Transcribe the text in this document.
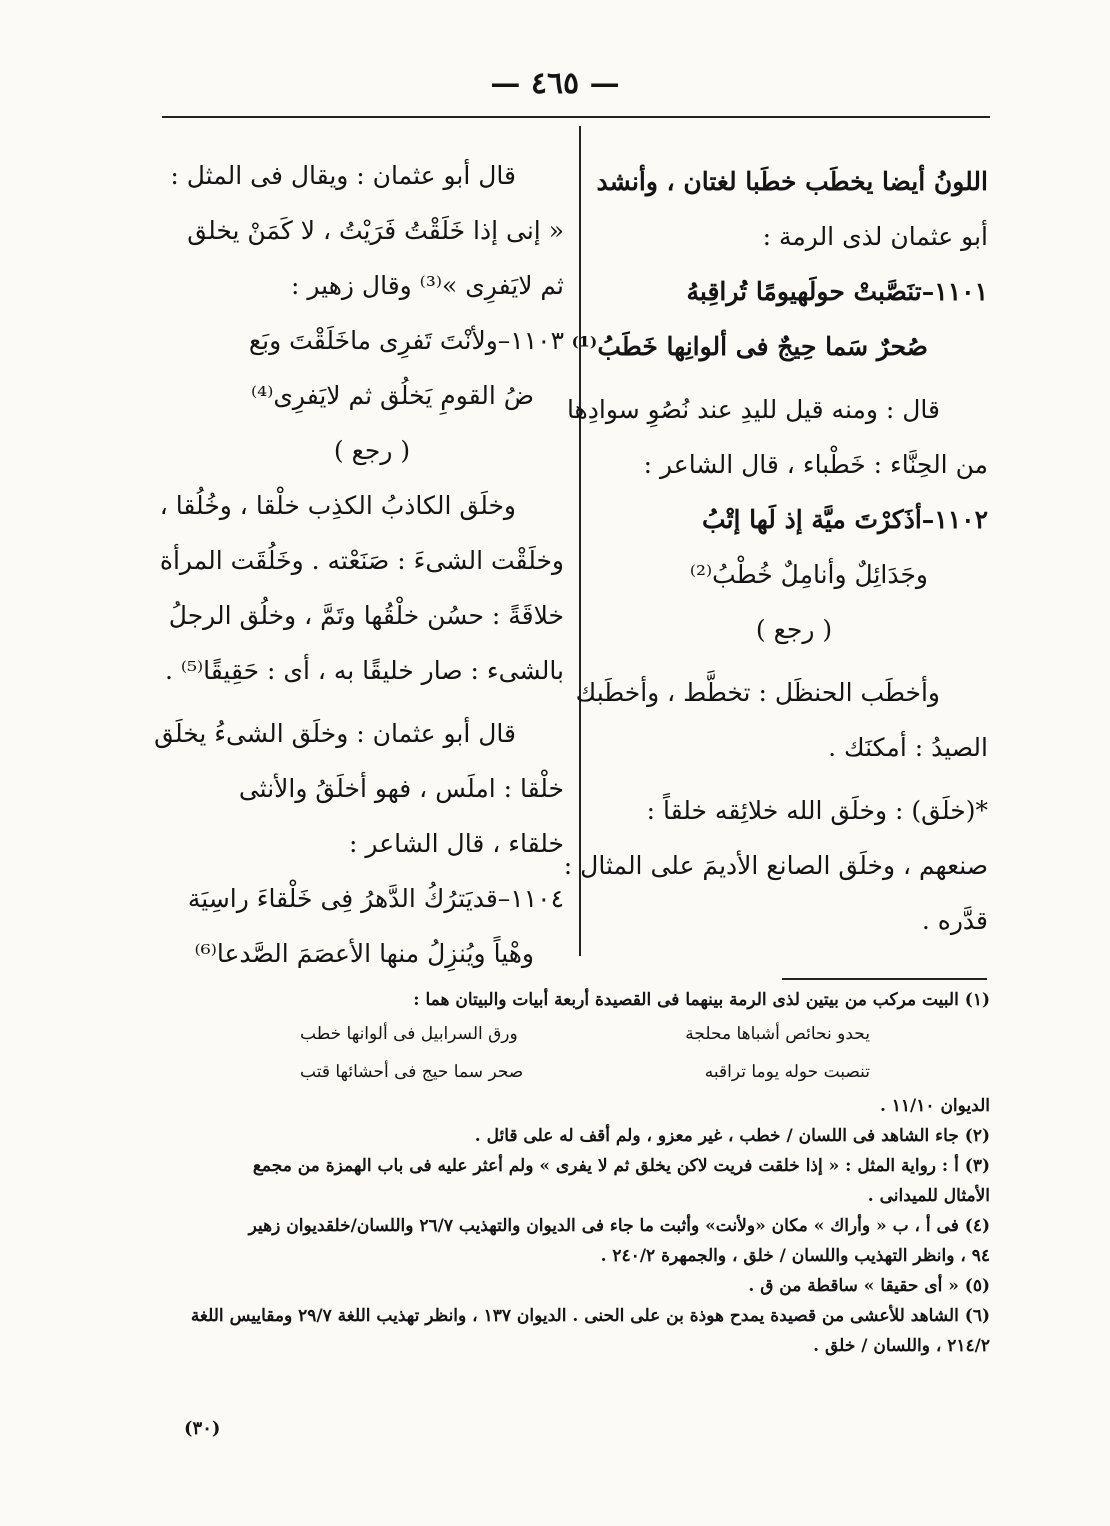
— ٤٦٥ —
اللونُ أيضا يخطَب خطَبا لغتان ، وأنشد
أبو عثمان لذى الرمة :
١١٠١–تنَصَّبتْ حولَهيومًا تُراقِبهُ
صُحرٌ سَما حِيجٌ فى ألوانِها خَطَبُ⁽¹⁾
قال : ومنه قيل لليدِ عند نُصُوِ سوادِها
من الحِنَّاء : خَطْباء ، قال الشاعر :
١١٠٢–أذَكرْتَ ميَّة إذ لَها إتْبُ
وجَدَائِلٌ وأنامِلٌ خُطْبُ⁽²⁾
( رجع )
وأخطَب الحنظَل : تخطَّط ، وأخطَبك
الصيدُ : أمكنَك .
*(خلَق) : وخلَق الله خلائِقه خلقاً :
صنعهم ، وخلَق الصانع الأديمَ على المثال :
قدَّره .
قال أبو عثمان : ويقال فى المثل :
« إنى إذا خَلَقْتُ فَرَيْتُ ، لا كَمَنْ يخلق
ثم لايَفرِى »⁽³⁾ وقال زهير :
١١٠٣–ولأنْتَ تَفرِى ماخَلَقْتَ وبَع
ضُ القومِ يَخلُق ثم لايَفرِى⁽⁴⁾
( رجع )
وخلَق الكاذبُ الكذِب خلْقا ، وخُلُقا ،
وخلَقْت الشىءَ : صَنَعْته . وخَلُقَت المرأة
خلاقَةً : حسُن خلْقُها وتَمَّ ، وخلُق الرجلُ
بالشىء : صار خليقًا به ، أى : حَقِيقًا⁽⁵⁾ .
قال أبو عثمان : وخلَق الشىءُ يخلَق
خلْقا : املَس ، فهو أخلَقُ والأنثى
خلقاء ، قال الشاعر :
١١٠٤–قديَترُكُ الدَّهرُ فِى خَلْقاءَ راسِيَة
وهْياً ويُنزِلُ منها الأعصَمَ الصَّدعا⁽⁶⁾
(١) البيت مركب من بيتين لذى الرمة بينهما فى القصيدة أربعة أبيات والبيتان هما :
يحدو نحائص أشباها محلجة
ورق السرابيل فى ألوانها خطب
تنصبت حوله يوما تراقبه
صحر سما حيج فى أحشائها قتب
الديوان ١١/١٠ .
(٢) جاء الشاهد فى اللسان / خطب ، غير معزو ، ولم أقف له على قائل .
(٣) أ : رواية المثل : « إذا خلقت فريت لاكن يخلق ثم لا يفرى » ولم أعثر عليه فى باب الهمزة من مجمع
الأمثال للميدانى .
(٤) فى أ ، ب « وأراك » مكان «ولأنت» وأثبت ما جاء فى الديوان والتهذيب ٢٦/٧ واللسان/خلقديوان زهير
٩٤ ، وانظر التهذيب واللسان / خلق ، والجمهرة ٢٤٠/٢ .
(٥) « أى حقيقا » ساقطة من ق .
(٦) الشاهد للأعشى من قصيدة يمدح هوذة بن على الحنى . الديوان ١٣٧ ، وانظر تهذيب اللغة ٢٩/٧ ومقاييس اللغة
٢١٤/٢ ، واللسان / خلق .
(٣٠)
